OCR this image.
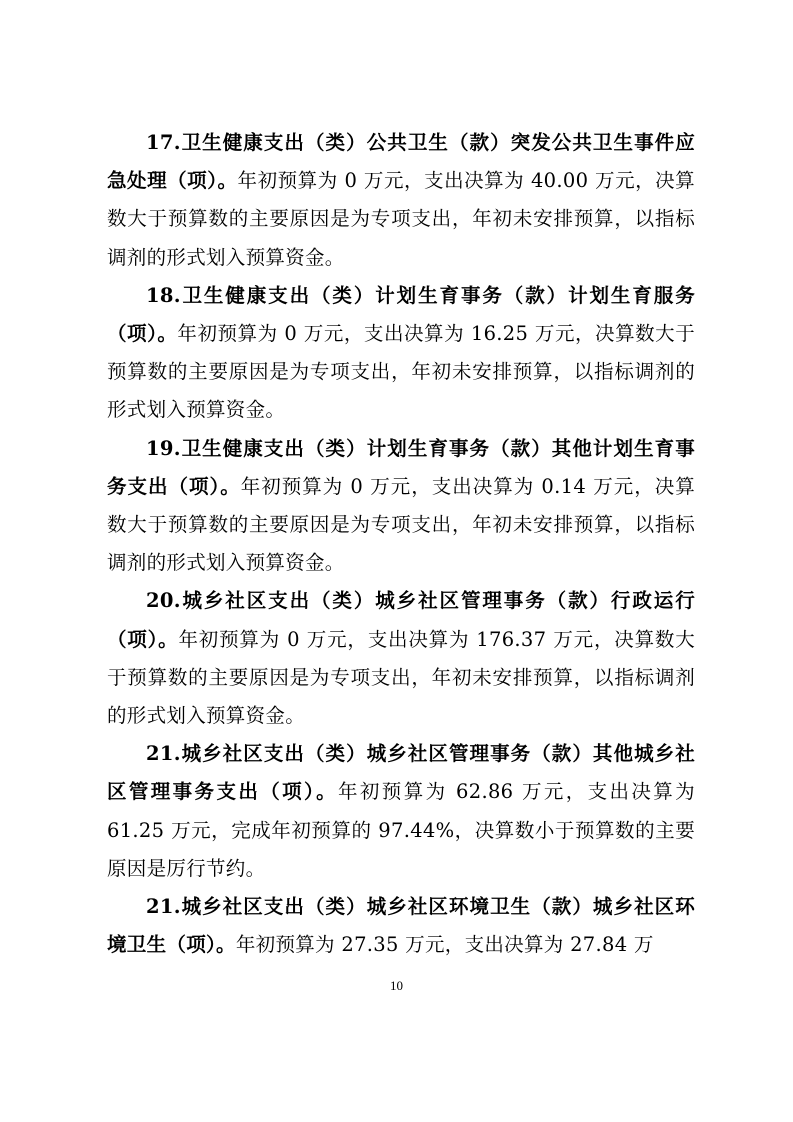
17.卫生健康支出（类）公共卫生（款）突发公共卫生事件应急处理（项）。年初预算为 0 万元，支出决算为 40.00 万元，决算数大于预算数的主要原因是为专项支出，年初未安排预算，以指标调剂的形式划入预算资金。

18.卫生健康支出（类）计划生育事务（款）计划生育服务（项）。年初预算为 0 万元，支出决算为 16.25 万元，决算数大于预算数的主要原因是为专项支出，年初未安排预算，以指标调剂的形式划入预算资金。

19.卫生健康支出（类）计划生育事务（款）其他计划生育事务支出（项）。年初预算为 0 万元，支出决算为 0.14 万元，决算数大于预算数的主要原因是为专项支出，年初未安排预算，以指标调剂的形式划入预算资金。

20.城乡社区支出（类）城乡社区管理事务（款）行政运行（项）。年初预算为 0 万元，支出决算为 176.37 万元，决算数大于预算数的主要原因是为专项支出，年初未安排预算，以指标调剂的形式划入预算资金。

21.城乡社区支出（类）城乡社区管理事务（款）其他城乡社区管理事务支出（项）。年初预算为 62.86 万元，支出决算为 61.25 万元，完成年初预算的 97.44%，决算数小于预算数的主要原因是厉行节约。

21.城乡社区支出（类）城乡社区环境卫生（款）城乡社区环境卫生（项）。年初预算为 27.35 万元，支出决算为 27.84 万

10
